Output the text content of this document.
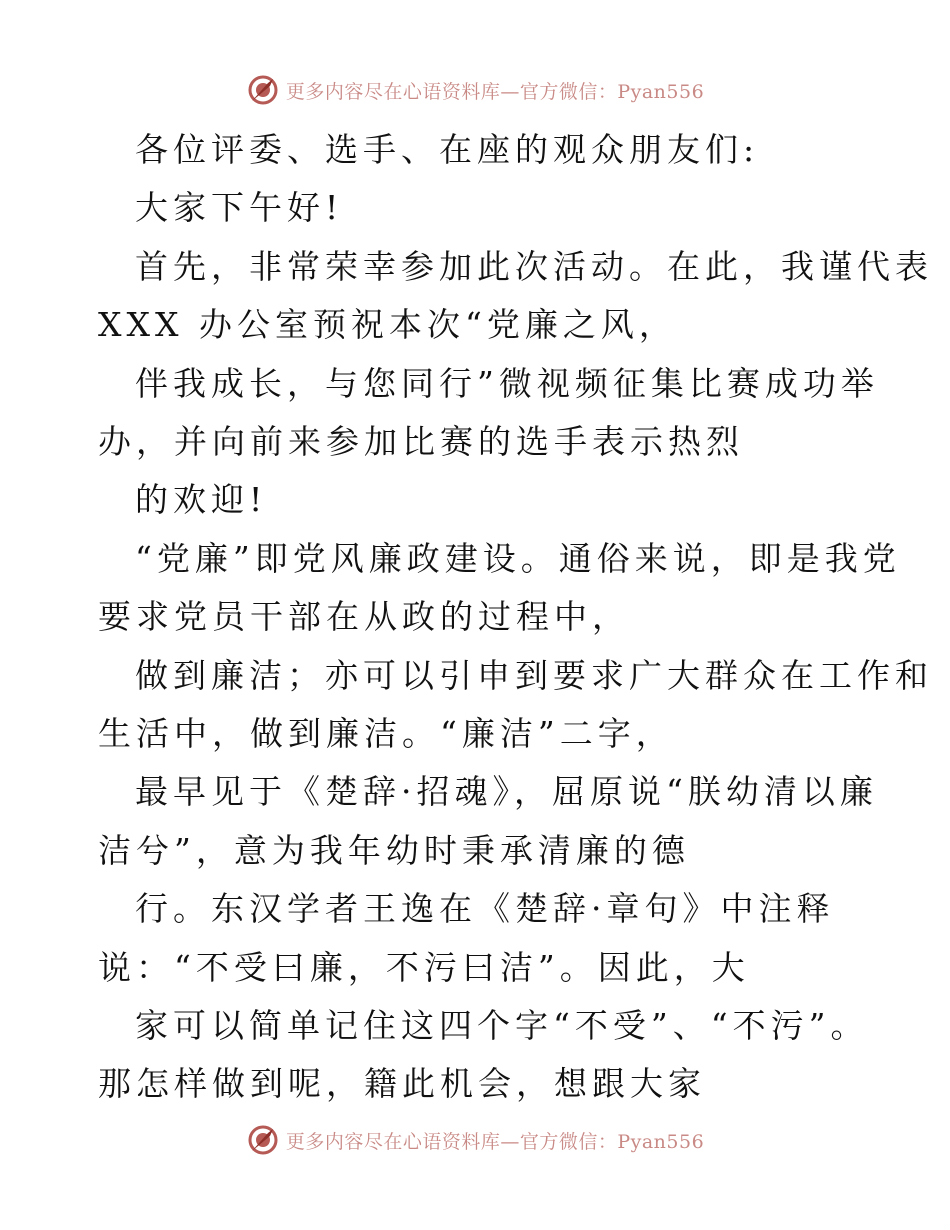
更多内容尽在心语资料库—官方微信：Pyan556
各位评委、选手、在座的观众朋友们:
大家下午好!
首先，非常荣幸参加此次活动。在此，我谨代表
XXX 办公室预祝本次“党廉之风，
伴我成长，与您同行”微视频征集比赛成功举
办，并向前来参加比赛的选手表示热烈
的欢迎!
“党廉”即党风廉政建设。通俗来说，即是我党
要求党员干部在从政的过程中，
做到廉洁；亦可以引申到要求广大群众在工作和
生活中，做到廉洁。“廉洁”二字，
最早见于《楚辞·招魂》，屈原说“朕幼清以廉
洁兮”，意为我年幼时秉承清廉的德
行。东汉学者王逸在《楚辞·章句》中注释
说：“不受曰廉，不污曰洁”。因此，大
家可以简单记住这四个字“不受”、“不污”。
那怎样做到呢，籍此机会，想跟大家
更多内容尽在心语资料库—官方微信：Pyan556
